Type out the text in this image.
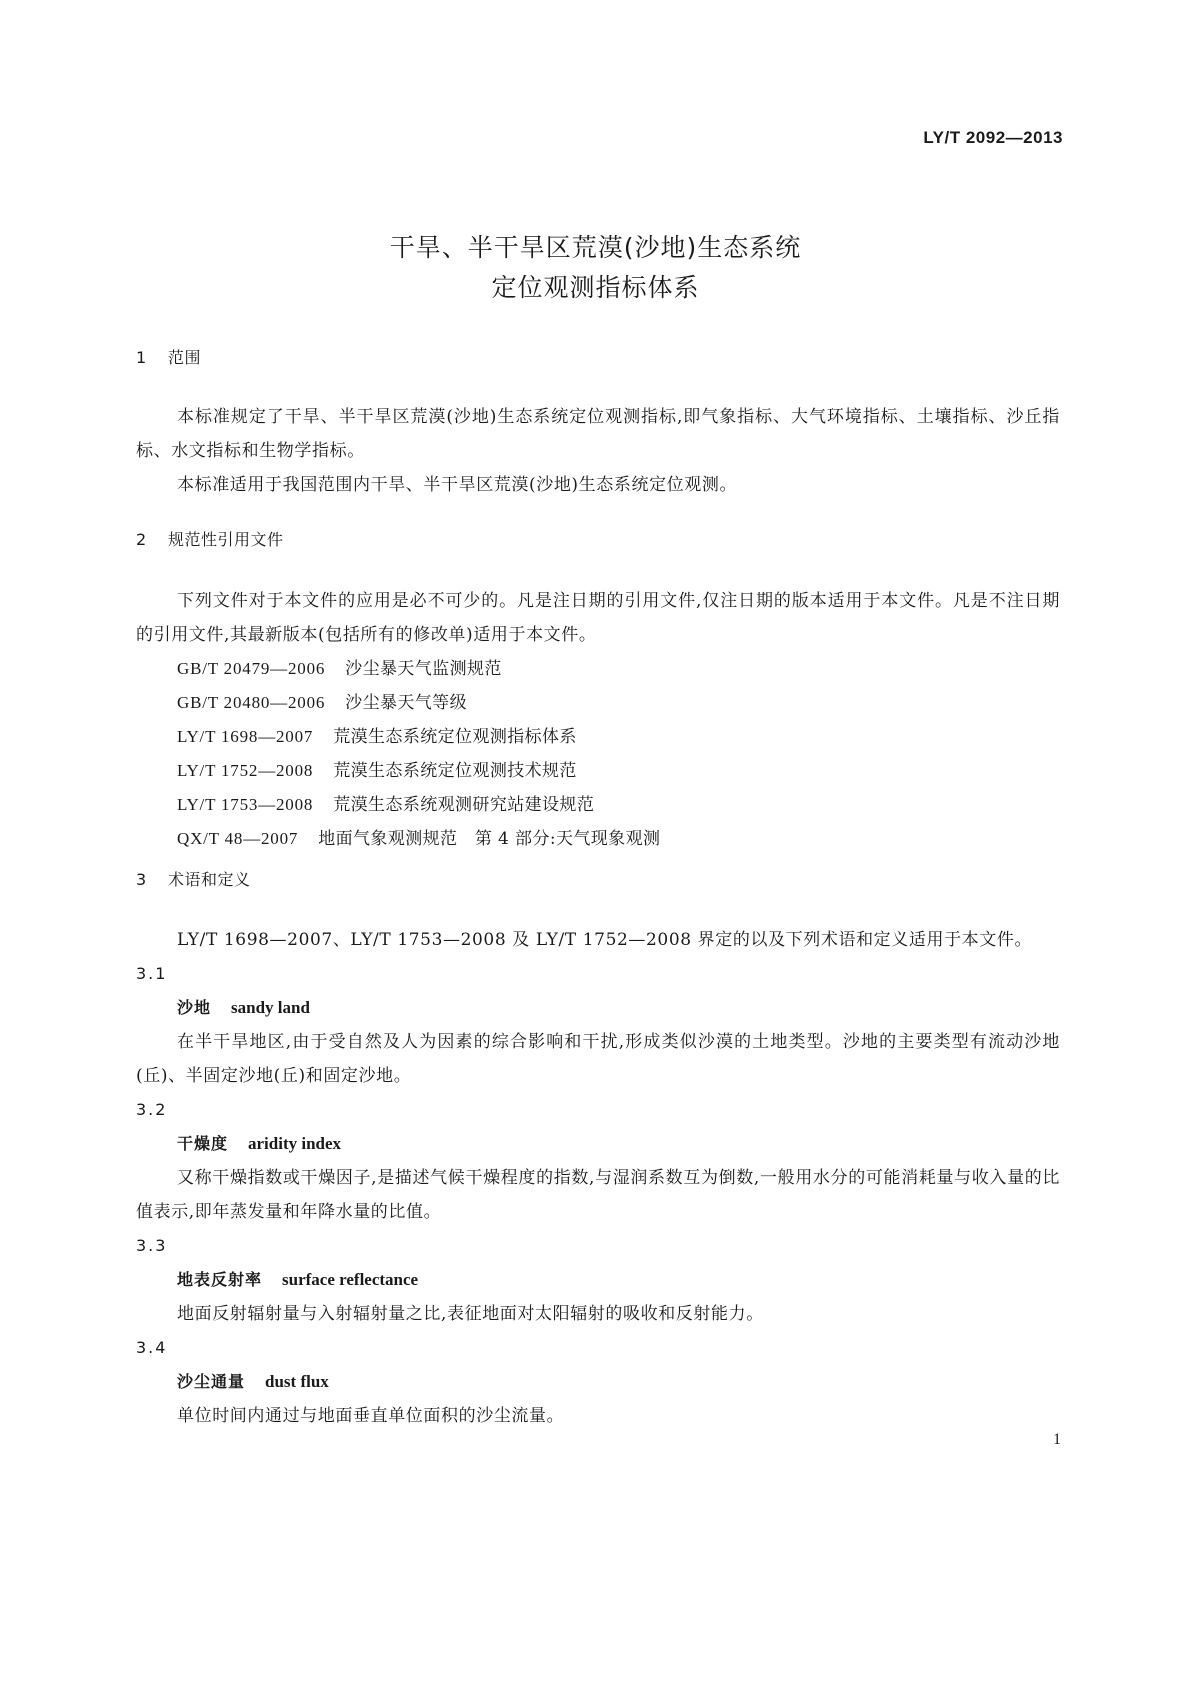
LY/T 2092—2013
干旱、半干旱区荒漠(沙地)生态系统
定位观测指标体系
1 范围
本标准规定了干旱、半干旱区荒漠(沙地)生态系统定位观测指标,即气象指标、大气环境指标、土壤指标、沙丘指标、水文指标和生物学指标。
本标准适用于我国范围内干旱、半干旱区荒漠(沙地)生态系统定位观测。
2 规范性引用文件
下列文件对于本文件的应用是必不可少的。凡是注日期的引用文件,仅注日期的版本适用于本文件。凡是不注日期的引用文件,其最新版本(包括所有的修改单)适用于本文件。
GB/T 20479—2006 沙尘暴天气监测规范
GB/T 20480—2006 沙尘暴天气等级
LY/T 1698—2007 荒漠生态系统定位观测指标体系
LY/T 1752—2008 荒漠生态系统定位观测技术规范
LY/T 1753—2008 荒漠生态系统观测研究站建设规范
QX/T 48—2007 地面气象观测规范　第 4 部分:天气现象观测
3 术语和定义
LY/T 1698—2007、LY/T 1753—2008 及 LY/T 1752—2008 界定的以及下列术语和定义适用于本文件。
3.1
沙地 sandy land
在半干旱地区,由于受自然及人为因素的综合影响和干扰,形成类似沙漠的土地类型。沙地的主要类型有流动沙地(丘)、半固定沙地(丘)和固定沙地。
3.2
干燥度 aridity index
又称干燥指数或干燥因子,是描述气候干燥程度的指数,与湿润系数互为倒数,一般用水分的可能消耗量与收入量的比值表示,即年蒸发量和年降水量的比值。
3.3
地表反射率 surface reflectance
地面反射辐射量与入射辐射量之比,表征地面对太阳辐射的吸收和反射能力。
3.4
沙尘通量 dust flux
单位时间内通过与地面垂直单位面积的沙尘流量。
1
